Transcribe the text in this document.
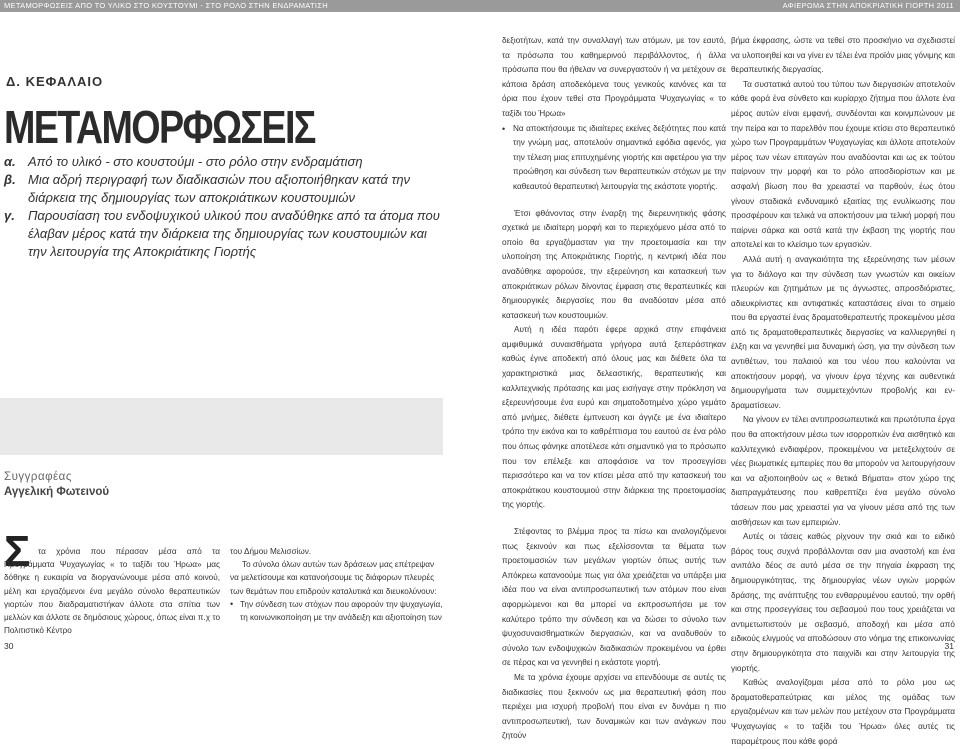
ΜΕΤΑΜΟΡΦΩΣΕΙΣ ΑΠΟ ΤΟ ΥΛΙΚΟ ΣΤΟ ΚΟΥΣΤΟΥΜΙ - ΣΤΟ ΡΟΛΟ ΣΤΗΝ ΕΝΔΡΑΜΑΤΙΣΗ	ΑΦΙΕΡΩΜΑ ΣΤΗΝ ΑΠΟΚΡΙΑΤΙΚΗ ΓΙΟΡΤΗ 2011
Δ. ΚΕΦΑΛΑΙΟ
ΜΕΤΑΜΟΡΦΩΣΕΙΣ
α. Από το υλικό - στο κουστούμι - στο ρόλο στην ενδραμάτιση
β. Μια αδρή περιγραφή των διαδικασιών που αξιοποιήθηκαν κατά την διάρκεια της δημιουργίας των αποκριάτικων κουστουμιών
γ. Παρουσίαση του ενδοψυχικού υλικού που αναδύθηκε από τα άτομα που έλαβαν μέρος κατά την διάρκεια της δημιουργίας των κουστουμιών και την λειτουργία της Αποκριάτικης Γιορτής
Συγγραφέας
Αγγελική Φωτεινού
Σ τα χρόνια που πέρασαν μέσα από τα Προγράμματα Ψυχαγωγίας « το ταξίδι του Ήρωα» μας δόθηκε η ευκαιρία να διοργανώνουμε μέσα από κοινού, μέλη και εργαζόμενοι ένα μεγάλο σύνολο θεραπευτικών γιορτών που διαδραματιστήκαν άλλοτε στα σπίτια των μελλών και άλλοτε σε δημόσιους χώρους, όπως είναι π.χ το Πολιτιστικό Κέντρο
του Δήμου Μελισσίων.
Το σύνολο όλων αυτών των δράσεων μας επέτρεψαν να μελετίσουμε και κατανοήσουμε τις διάφορων πλευρές των θεμάτων που επιδρούν καταλυτικά και διευκολύνουν:
• Την σύνδεση των στόχων που αφορούν την ψυχαγωγία, τη κοινωνικοποίηση με την ανάδειξη και αξιοποίηση των

δεξιοτήτων, κατά την συναλλαγή των ατόμων, με τον εαυτό, τα πρόσωπα του καθημερινού περιβάλλοντος, ή άλλα πρόσωπα που θα ήθελαν να συνεργαστούν ή να μετέχουν σε κάποια δράση αποδεκόμενα τους γενικούς κανόνες και τα όρια που έχουν τεθεί στα Προγράμματα Ψυχαγωγίας « το ταξίδι του Ήρωα»

• Να αποκτήσουμε τις ιδιαίτερες εκείνες δεξιότητες που κατά την γνώμη μας, αποτελούν σημαντικά εφόδια αφενός, για την τέλεση μιας επιτυχημένης γιορτής και αφετέρου για την προώθηση και σύνδεση των θεραπευτικών στόχων με την καθεαυτού θεραπευτική λειτουργία της εκάστοτε γιορτής.

Έτσι φθάνοντας στην έναρξη της διερευνητικής φάσης σχετικά με ιδιαίτερη μορφή και το περιεχόμενο μέσα από το οποίο θα εργαζόμασταν για την προετοιμασία και την υλοποίηση της Αποκριάτικης Γιορτής, η κεντρική ιδέα που αναδύθηκε αφορούσε, την εξερεύνηση και κατασκευή των αποκριάτικων ρόλων δίνοντας έμφαση στις θεραπευτικές και δημιουργικές διεργασίες που θα αναδύοταν μέσα από κατασκευή των κουστουμιών.

Αυτή η ιδέα παρότι έφερε αρχικά στην επιφάνεια αμφιθυμικά συναισθήματα γρήγορα αυτά ξεπεράστηκαν καθώς έγινε αποδεκτή από όλους μας και διέθετε όλα τα χαρακτηριστικά μιας δελεαστικής, θεραπευτικής και καλλιτεχνικής πρότασης και μας εισήγαγε στην πρόκληση να εξερευνήσουμε ένα ευρύ και σηματοδοτημένο χώρο γεμάτο από μνήμες, διέθετε έμπνευση και άγγιζε με ένα ιδιαίτερο τρόπο την εικόνα και το καθρέπτισμα του εαυτού σε ένα ρόλο που όπως φάνηκε αποτέλεσε κάτι σημαντικό για το πρόσωπο που τον επέλεξε και αποφάσισε να τον προσεγγίσει περισσότερο και να τον κτίσει μέσα από την κατασκευή του αποκριάτικου κουστουμιού στην διάρκεια της προετοιμασίας της γιορτής.

Στέφοντας το βλέμμα προς τα πίσω και αναλογιζόμενοι πως ξεκινούν και πως εξελίσσονται τα θέματα των προετοιμασιών των μεγάλων γιορτών όπως αυτής των Απόκρεω κατανοούμε πως για όλα χρειάζεται να υπάρξει μια ιδέα που να είναι αντιπροσωπευτική των ατόμων που είναι αφορμώμενοι και θα μπορεί να εκπροσωπήσει με τον καλύτερο τρόπο την σύνδεση και να δώσει το σύνολο των ψυχοσυναισθηματικών διεργασιών, και να αναδυθούν το σύνολο των ενδοψυχικών διαδικασιών προκειμένου να έρθει σε πέρας και να γεννηθεί η εκάστοτε γιορτή.

Με τα χρόνια έχουμε αρχίσει να επενδύουμε σε αυτές τις διαδικασίες που ξεκινούν ως μια θεραπευτική φάση που περιέχει μια ισχυρή προβολή που είναι εν δυνάμει η πιο αντιπροσωπευτική, των δυναμικών και των ανάγκων που ζητούν

βήμα έκφρασης, ώστε να τεθεί στο προσκήνιο να σχεδιαστεί να υλοποιηθεί και να γίνει εν τέλει ένα προϊόν μιας γόνιμης και θεραπευτικής διεργασίας.

Τα συστατικά αυτού του τύπου των διεργασιών αποτελούν κάθε φορά ένα σύνθετο και κυρίαρχο ζήτημα που άλλοτε ένα μέρος αυτών είναι εμφανή, συνδέονται και κοινμπώνουν με την πείρα και το παρελθόν που έχουμε κτίσει στο θεραπευτικό χώρο των Προγραμμάτων Ψυχαγωγίας και άλλοτε αποτελούν μέρος των νέων επιταγών που αναδύονται και ως εκ τούτου παίρνουν την μορφή και το ρόλο αποσδιορίστων και με ασφαλή βίωση που θα χρειαστεί να παρθούν, έως ότου γίνουν σταδιακά ενδυναμικό εξαιτίας της ενυλίκωσης που προσφέρουν και τελικά να αποκτήσουν μια τελική μορφή που παίρνει σάρκα και οστά κατά την έκβαση της γιορτής που αποτελεί και το κλείσιμο των εργασιών.

Αλλά αυτή η αναγκαιότητα της εξερεύνησης των μέσων για το διάλογο και την σύνδεση των γνωστών και οικείων πλευρών και ζητημάτων με τις άγνωστες, απροσδιόριστες, αδιευκρίνιστες και αντιφατικές καταστάσεις είναι το σημείο που θα εργαστεί ένας δραματοθεραπευτής προκειμένου μέσα από τις δραματοθεραπευτικές διεργασίες να καλλιεργηθεί η έλξη και να γεννηθεί μια δυναμική ώση, για την σύνδεση των αντιθέτων, του παλαιού και του νέου που καλούνται να αποκτήσουν μορφή, να γίνουν έργα τέχνης και αυθεντικά δημιουργήματα των συμμετεχόντων προβολής και εν-δραματίσεων.

Να γίνουν εν τέλει αντιπροσωπευτικά και πρωτότυπα έργα που θα αποκτήσουν μέσω των ισορροπιών ένα αισθητικό και καλλιτεχνικό ενδιαφέρον, προκειμένου να μετεξελιχτούν σε νέες βιωματικές εμπειρίες που θα μπορούν να λειτουργήσουν και να αξιοποιηθούν ως « θετικά Βήματα» στον χώρο της διαπραγμάτευσης που καθρεπτίζει ένα μεγάλο σύνολο τάσεων που μας χρειαστεί για να γίνουν μέσα από της των αισθήσεων και των εμπειριών.

Αυτές οι τάσεις καθώς ρίχνουν την σκιά και το ειδικό βάρος τους συχνά προβάλλονται σαν μια αναστολή και ένα ανιπάλο δέος σε αυτό μέσα σε την πηγαία έκφραση της δημιουργικότητας, της δημιουργίας νέων υγιών μορφών δράσης, της ανάπτυξης του ενθαρρυμένου εαυτού, την ορθή και στης προσεγγίσεις του σεβασμού που τους χρειάζεται να αντιμετωπιστούν με σεβασμό, αποδοχή και μέσα από ειδικούς ελιγμούς να αποδώσουν στο νόημα της επικοινωνίας στην δημιουργικότητα στο παιχνίδι και στην λειτουργία της γιορτής.

Καθώς αναλογίζομαι μέσα από το ρόλο μου ως δραματοθεραπεύτριας και μέλος της ομάδας των εργαζομένων και των μελών που μετέχουν στα Προγράμματα Ψυχαγωγίας « το ταξίδι του Ήρωα» όλες αυτές τις παραμέτρους που κάθε φορά

30	31
